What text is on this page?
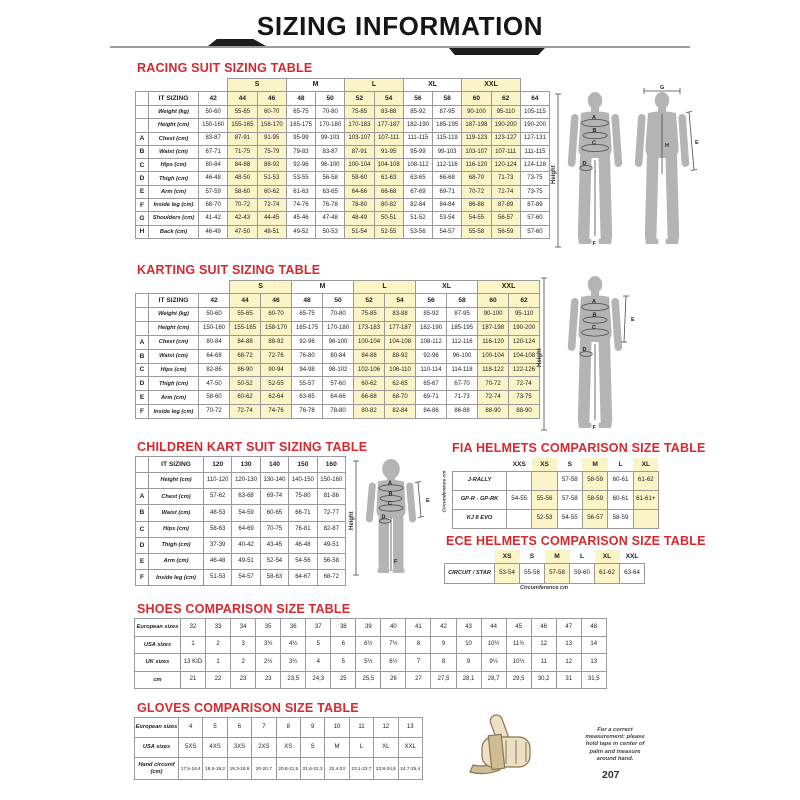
SIZING INFORMATION
RACING SUIT SIZING TABLE
			S		M		L		XL		XXL		
	IT SIZING	42	44	46	48	50	52	54	56	58	60	62	64
	Weight (kg)	50-60	55-65	60-70	65-75	70-80	75-85	83-88	85-92	87-95	90-100	95-110	105-115
	Height (cm)	150-160	155-165	158-170	165-175	170-180	170-183	177-187	182-190	185-195	187-198	190-200	190-200
A	Chest (cm)	83-87	87-91	91-95	95-99	99-103	103-107	107-111	111-115	115-119	119-123	123-127	127-131
B	Waist (cm)	67-71	71-75	75-79	79-83	83-87	87-91	91-95	95-99	99-103	103-107	107-111	111-115
C	Hips (cm)	80-84	84-88	88-92	92-96	96-100	100-104	104-108	108-112	112-116	116-120	120-124	124-128
D	Thigh (cm)	46-48	48-50	51-53	53-55	56-58	58-60	61-63	63-65	66-68	68-70	71-73	73-75
E	Arm (cm)	57-59	58-60	60-62	61-63	63-65	64-66	66-68	67-69	69-71	70-72	72-74	73-75
F	Inside leg (cm)	68-70	70-72	72-74	74-76	76-78	78-80	80-82	82-84	84-84	86-88	87-89	87-89
G	Shoulders (cm)	41-42	42-43	44-45	45-46	47-48	48-49	50-51	51-52	53-54	54-55	56-57	57-60
H	Back (cm)	46-49	47-50	48-51	49-52	50-53	51-54	52-55	53-56	54-57	55-58	56-59	57-60
Height
A
B
C
D
F
G
H	E
KARTING SUIT SIZING TABLE
			S		M		L		XL		XXL	
	IT SIZING	42	44	46	48	50	52	54	56	58	60	62
	Weight (kg)	50-60	55-65	60-70	65-75	70-80	75-85	83-88	85-92	87-95	90-100	95-110
	Height (cm)	150-160	155-165	158-170	165-175	170-180	173-183	177-187	182-190	185-195	187-198	190-200
A	Chest (cm)	80-84	84-88	88-92	92-96	96-100	100-104	104-108	108-112	112-116	116-120	120-124
B	Waist (cm)	64-68	68-72	72-76	76-80	80-84	84-88	88-92	92-96	96-100	100-104	104-108
C	Hips (cm)	82-86	86-90	90-94	94-98	98-102	102-106	106-110	110-114	114-118	118-122	122-126
D	Thigh (cm)	47-50	50-52	52-55	55-57	57-60	60-62	62-65	65-67	67-70	70-72	72-74
E	Arm (cm)	58-60	60-62	62-64	63-65	64-66	66-68	68-70	69-71	71-73	72-74	73-75
F	Inside leg (cm)	70-72	72-74	74-76	76-78	78-80	80-82	82-84	84-86	86-88	88-90	88-90
Height
A
B
C
D
E
F
CHILDREN KART SUIT SIZING TABLE
	IT SIZING	120	130	140	150	160
	Height (cm)	110-120	120-130	130-140	140-150	150-160
A	Chest (cm)	57-62	63-68	69-74	75-80	81-86
B	Waist (cm)	48-53	54-59	60-65	66-71	72-77
C	Hips (cm)	58-63	64-69	70-75	76-81	82-87
D	Thigh (cm)	37-39	40-42	43-45	46-48	49-51
E	Arm (cm)	46-48	49-51	52-54	54-56	56-58
F	Inside leg (cm)	51-53	54-57	58-63	64-67	68-72
Height
A
B
C
D
E
F
FIA HELMETS COMPARISON SIZE TABLE
Circumference cm
	XXS	XS	S	M	L	XL
J-RALLY			57-58	58-59	60-61	61-62
GP-R - GP-RK	54-55	55-56	57-58	58-59	60-61	61-61+
KJ 8 EVO		52-53	54-55	56-57	58-59	
ECE HELMETS COMPARISON SIZE TABLE
	XS	S	M	L	XL	XXL
CIRCUIT / STAR	53-54	55-56	57-58	59-60	61-62	63-64
Circumference cm
SHOES COMPARISON SIZE TABLE
European sizes	32	33	34	35	36	37	38	39	40	41	42	43	44	45	46	47	48
USA sizes	1	2	3	3½	4½	5	6	6½	7½	8	9	10	10½	11½	12	13	14
UK sizes	13 KID	1	2	2½	3½	4	5	5½	6½	7	8	9	9½	10½	11	12	13
cm	21	22	23	23	23,5	24,3	25	25,5	26	27	27,5	28,1	28,7	29,5	30,2	31	31,5
GLOVES COMPARISON SIZE TABLE
European sizes	4	5	6	7	8	9	10	11	12	13
USA sizes	5XS	4XS	3XS	2XS	XS	S	M	L	XL	XXL
Hand circumf (cm)	17,5-18,4	18,5-19,2	19,3-19,9	20-20,7	20,8-21,5	21,6-22,3	22,4-23	23,1-23,7	23,8-24,8	24,7-25,4
For a correct measurement: please hold tape in center of palm and measure around hand.
207
